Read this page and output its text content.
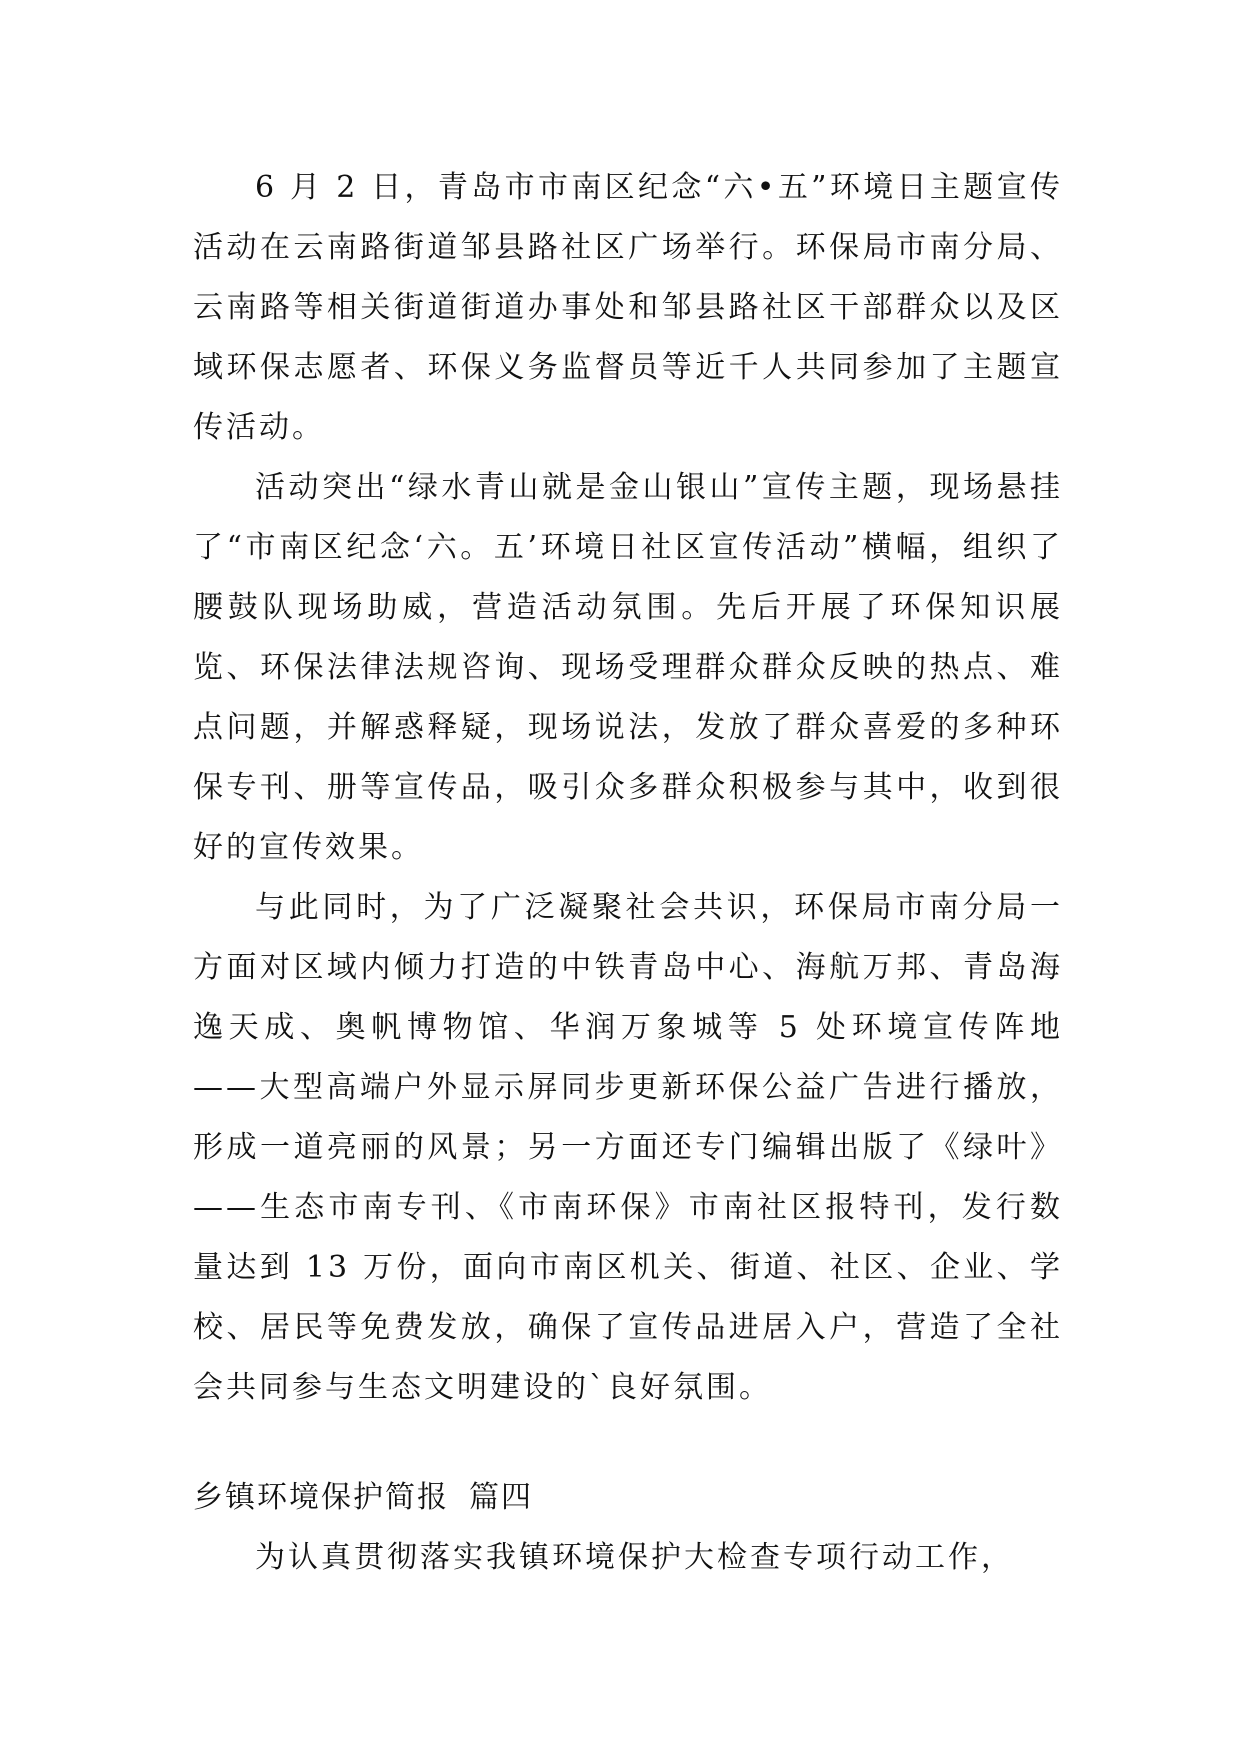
6 月 2 日，青岛市市南区纪念“六•五”环境日主题宣传活动在云南路街道邹县路社区广场举行。环保局市南分局、云南路等相关街道街道办事处和邹县路社区干部群众以及区域环保志愿者、环保义务监督员等近千人共同参加了主题宣传活动。

活动突出“绿水青山就是金山银山”宣传主题，现场悬挂了“市南区纪念‘六。五’环境日社区宣传活动”横幅，组织了腰鼓队现场助威，营造活动氛围。先后开展了环保知识展览、环保法律法规咨询、现场受理群众群众反映的热点、难点问题，并解惑释疑，现场说法，发放了群众喜爱的多种环保专刊、册等宣传品，吸引众多群众积极参与其中，收到很好的宣传效果。

与此同时，为了广泛凝聚社会共识，环保局市南分局一方面对区域内倾力打造的中铁青岛中心、海航万邦、青岛海逸天成、奥帆博物馆、华润万象城等 5 处环境宣传阵地——大型高端户外显示屏同步更新环保公益广告进行播放，形成一道亮丽的风景；另一方面还专门编辑出版了《绿叶》——生态市南专刊、《市南环保》市南社区报特刊，发行数量达到 13 万份，面向市南区机关、街道、社区、企业、学校、居民等免费发放，确保了宣传品进居入户，营造了全社会共同参与生态文明建设的`良好氛围。

乡镇环境保护简报 篇四

为认真贯彻落实我镇环境保护大检查专项行动工作，
